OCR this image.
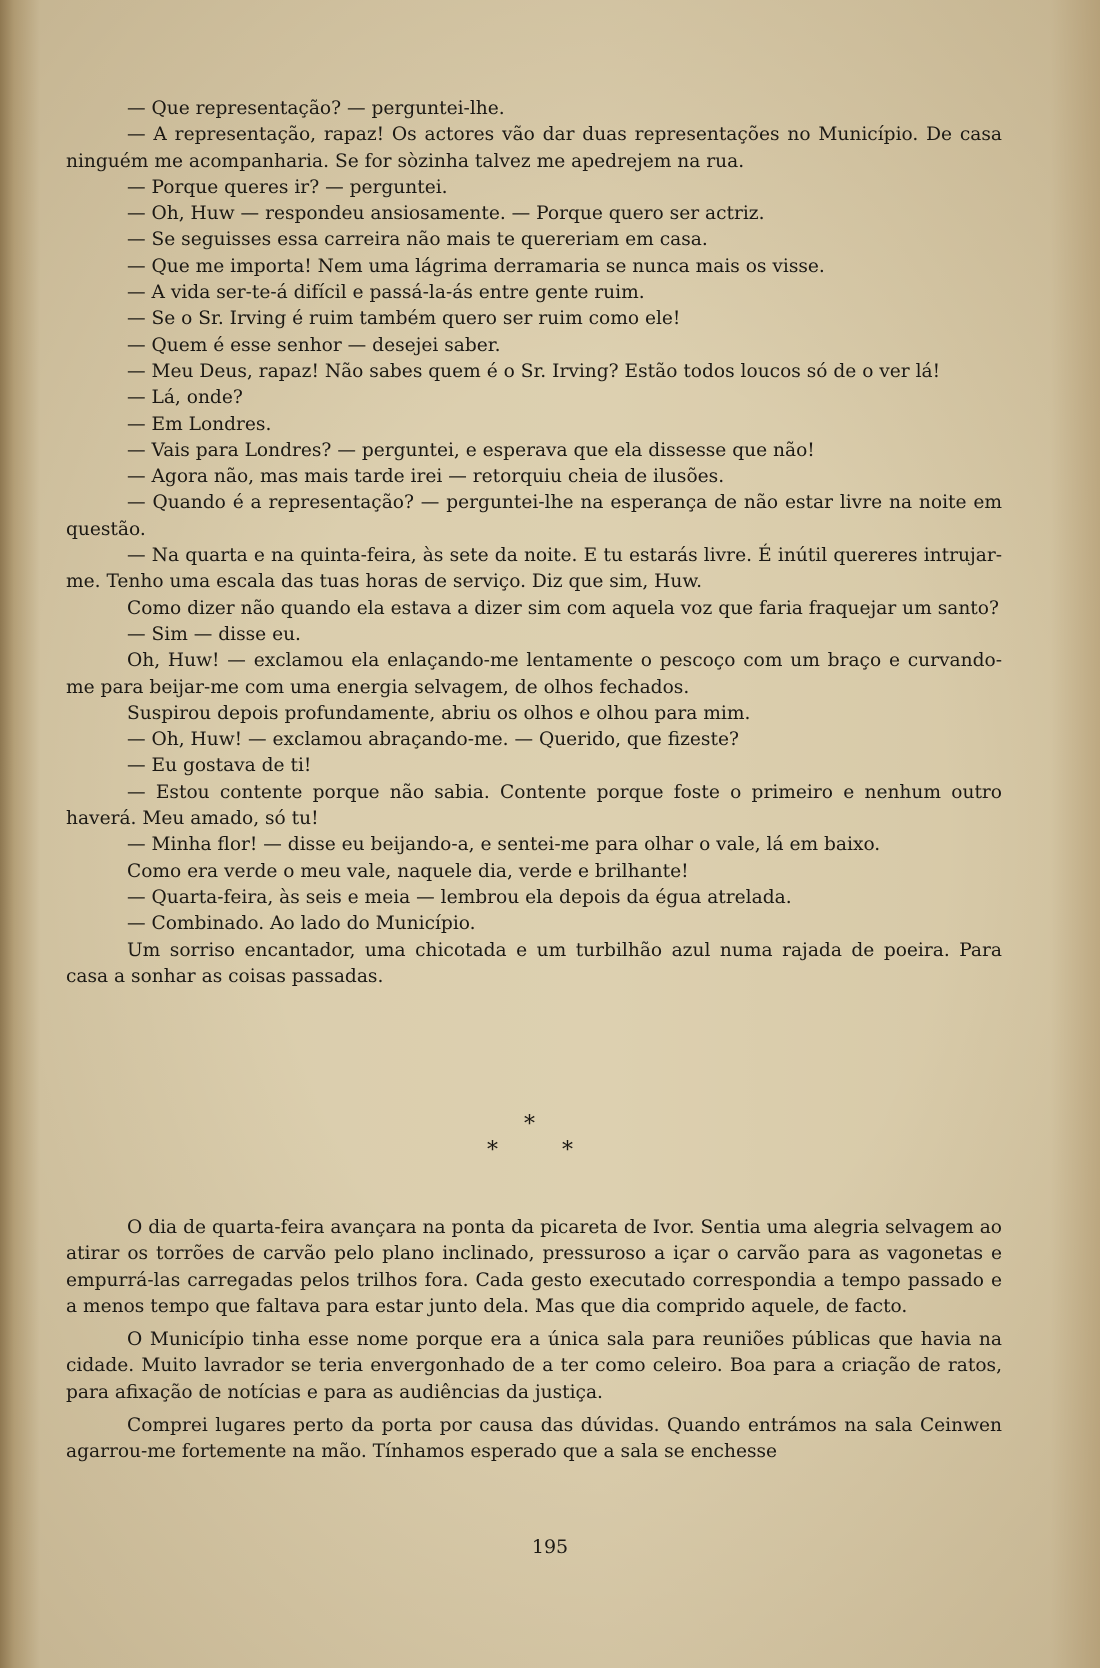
— Que representação? — perguntei-lhe.

— A representação, rapaz! Os actores vão dar duas representações no Município. De casa ninguém me acompanharia. Se for sòzinha talvez me apedrejem na rua.

— Porque queres ir? — perguntei.

— Oh, Huw — respondeu ansiosamente. — Porque quero ser actriz.

— Se seguisses essa carreira não mais te quereriam em casa.

— Que me importa! Nem uma lágrima derramaria se nunca mais os visse.

— A vida ser-te-á difícil e passá-la-ás entre gente ruim.

— Se o Sr. Irving é ruim também quero ser ruim como ele!

— Quem é esse senhor — desejei saber.

— Meu Deus, rapaz! Não sabes quem é o Sr. Irving? Estão todos loucos só de o ver lá!

— Lá, onde?

— Em Londres.

— Vais para Londres? — perguntei, e esperava que ela dissesse que não!

— Agora não, mas mais tarde irei — retorquiu cheia de ilusões.

— Quando é a representação? — perguntei-lhe na esperança de não estar livre na noite em questão.

— Na quarta e na quinta-feira, às sete da noite. E tu estarás livre. É inútil quereres intrujar-me. Tenho uma escala das tuas horas de serviço. Diz que sim, Huw.

Como dizer não quando ela estava a dizer sim com aquela voz que faria fraquejar um santo?

— Sim — disse eu.

Oh, Huw! — exclamou ela enlaçando-me lentamente o pescoço com um braço e curvando-me para beijar-me com uma energia selvagem, de olhos fechados.

Suspirou depois profundamente, abriu os olhos e olhou para mim.

— Oh, Huw! — exclamou abraçando-me. — Querido, que fizeste?

— Eu gostava de ti!

— Estou contente porque não sabia. Contente porque foste o primeiro e nenhum outro haverá. Meu amado, só tu!

— Minha flor! — disse eu beijando-a, e sentei-me para olhar o vale, lá em baixo.

Como era verde o meu vale, naquele dia, verde e brilhante!

— Quarta-feira, às seis e meia — lembrou ela depois da égua atrelada.

— Combinado. Ao lado do Município.

Um sorriso encantador, uma chicotada e um turbilhão azul numa rajada de poeira. Para casa a sonhar as coisas passadas.

*
*	*

O dia de quarta-feira avançara na ponta da picareta de Ivor. Sentia uma alegria selvagem ao atirar os torrões de carvão pelo plano inclinado, pressuroso a içar o carvão para as vagonetas e empurrá-las carregadas pelos trilhos fora. Cada gesto executado correspondia a tempo passado e a menos tempo que faltava para estar junto dela. Mas que dia comprido aquele, de facto.

O Município tinha esse nome porque era a única sala para reuniões públicas que havia na cidade. Muito lavrador se teria envergonhado de a ter como celeiro. Boa para a criação de ratos, para afixação de notícias e para as audiências da justiça.

Comprei lugares perto da porta por causa das dúvidas. Quando entrámos na sala Ceinwen agarrou-me fortemente na mão. Tínhamos esperado que a sala se enchesse

195
